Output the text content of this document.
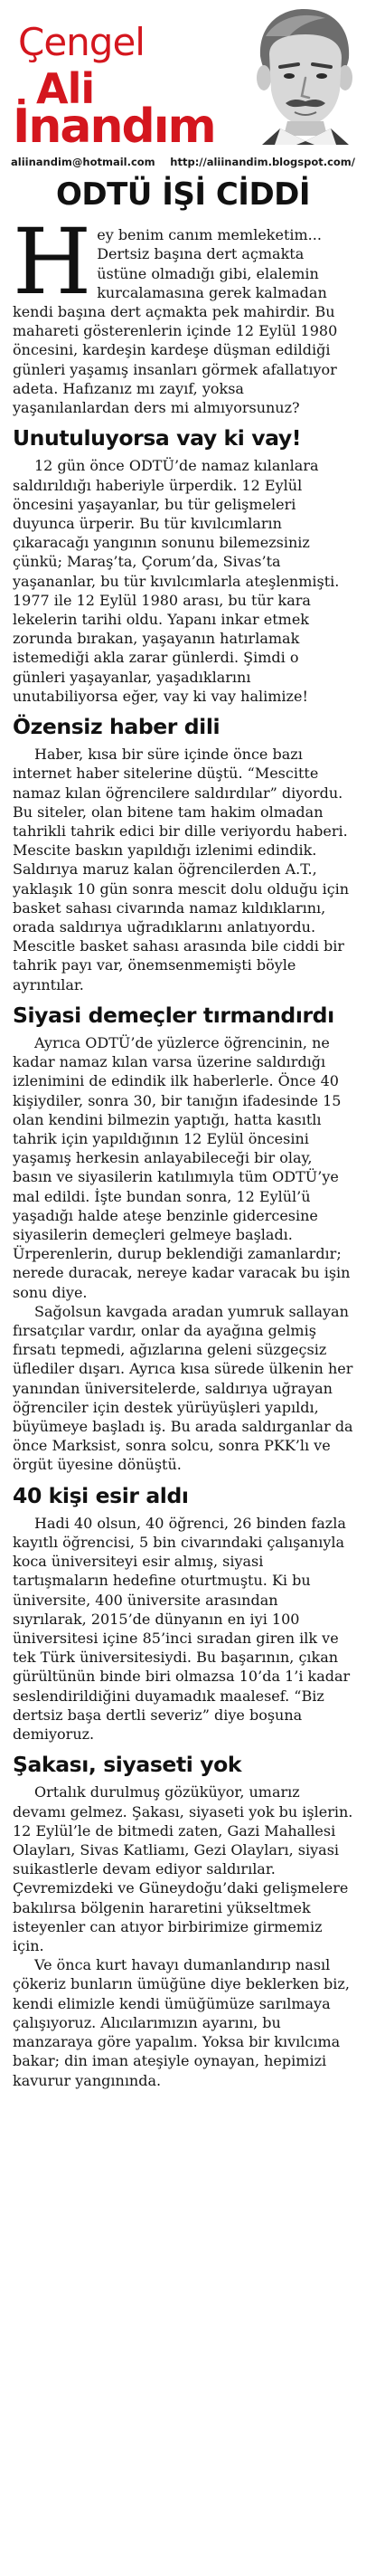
Çengel
Ali
İnandım
aliinandim@hotmail.com http://aliinandim.blogspot.com/
ODTÜ İŞİ CİDDİ
Hey benim canım memleketim... Dertsiz başına dert açmakta üstüne olmadığı gibi, elalemin kurcalamasına gerek kalmadan kendi başına dert açmakta pek mahirdir. Bu mahareti gösterenlerin içinde 12 Eylül 1980 öncesini, kardeşin kardeşe düşman edildiği günleri yaşamış insanları görmek afallatıyor adeta. Hafızanız mı zayıf, yoksa yaşanılanlardan ders mi almıyorsunuz?
Unutuluyorsa vay ki vay!

12 gün önce ODTÜ’de namaz kılanlara saldırıldığı haberiyle ürperdik. 12 Eylül öncesini yaşayanlar, bu tür gelişmeleri duyunca ürperir. Bu tür kıvılcımların çıkaracağı yangının sonunu bilemezsiniz çünkü; Maraş’ta, Çorum’da, Sivas’ta yaşananlar, bu tür kıvılcımlarla ateşlenmişti. 1977 ile 12 Eylül 1980 arası, bu tür kara lekelerin tarihi oldu. Yapanı inkar etmek zorunda bırakan, yaşayanın hatırlamak istemediği akla zarar günlerdi. Şimdi o günleri yaşayanlar, yaşadıklarını unutabiliyorsa eğer, vay ki vay halimize!

Özensiz haber dili

Haber, kısa bir süre içinde önce bazı internet haber sitelerine düştü. “Mescitte namaz kılan öğrencilere saldırdılar” diyordu. Bu siteler, olan bitene tam hakim olmadan tahrikli tahrik edici bir dille veriyordu haberi. Mescite baskın yapıldığı izlenimi edindik. Saldırıya maruz kalan öğrencilerden A.T., yaklaşık 10 gün sonra mescit dolu olduğu için basket sahası civarında namaz kıldıklarını, orada saldırıya uğradıklarını anlatıyordu. Mescitle basket sahası arasında bile ciddi bir tahrik payı var, önemsenmemişti böyle ayrıntılar.

Siyasi demeçler tırmandırdı

Ayrıca ODTÜ’de yüzlerce öğrencinin, ne kadar namaz kılan varsa üzerine saldırdığı izlenimini de edindik ilk haberlerle. Önce 40 kişiydiler, sonra 30, bir tanığın ifadesinde 15 olan kendini bilmezin yaptığı, hatta kasıtlı tahrik için yapıldığının 12 Eylül öncesini yaşamış herkesin anlayabileceği bir olay, basın ve siyasilerin katılımıyla tüm ODTÜ’ye mal edildi. İşte bundan sonra, 12 Eylül’ü yaşadığı halde ateşe benzinle gidercesine siyasilerin demeçleri gelmeye başladı. Ürperenlerin, durup beklendiği zamanlardır; nerede duracak, nereye kadar varacak bu işin sonu diye.

Sağolsun kavgada aradan yumruk sallayan fırsatçılar vardır, onlar da ayağına gelmiş fırsatı tepmedi, ağızlarına geleni süzgeçsiz üflediler dışarı. Ayrıca kısa sürede ülkenin her yanından üniversitelerde, saldırıya uğrayan öğrenciler için destek yürüyüşleri yapıldı, büyümeye başladı iş. Bu arada saldırganlar da önce Marksist, sonra solcu, sonra PKK’lı ve örgüt üyesine dönüştü.

40 kişi esir aldı

Hadi 40 olsun, 40 öğrenci, 26 binden fazla kayıtlı öğrencisi, 5 bin civarındaki çalışanıyla koca üniversiteyi esir almış, siyasi tartışmaların hedefine oturtmuştu. Ki bu üniversite, 400 üniversite arasından sıyrılarak, 2015’de dünyanın en iyi 100 üniversitesi içine 85’inci sıradan giren ilk ve tek Türk üniversitesiydi. Bu başarının, çıkan gürültünün binde biri olmazsa 10’da 1’i kadar seslendirildiğini duyamadık maalesef. “Biz dertsiz başa dertli severiz” diye boşuna demiyoruz.

Şakası, siyaseti yok

Ortalık durulmuş gözüküyor, umarız devamı gelmez. Şakası, siyaseti yok bu işlerin. 12 Eylül’le de bitmedi zaten, Gazi Mahallesi Olayları, Sivas Katliamı, Gezi Olayları, siyasi suikastlerle devam ediyor saldırılar. Çevremizdeki ve Güneydoğu’daki gelişmelere bakılırsa bölgenin hararetini yükseltmek isteyenler can atıyor birbirimize girmemiz için.

Ve önca kurt havayı dumanlandırıp nasıl çökeriz bunların ümüğüne diye beklerken biz, kendi elimizle kendi ümüğümüze sarılmaya çalışıyoruz. Alıcılarımızın ayarını, bu manzaraya göre yapalım. Yoksa bir kıvılcıma bakar; din iman ateşiyle oynayan, hepimizi kavurur yangınında.
